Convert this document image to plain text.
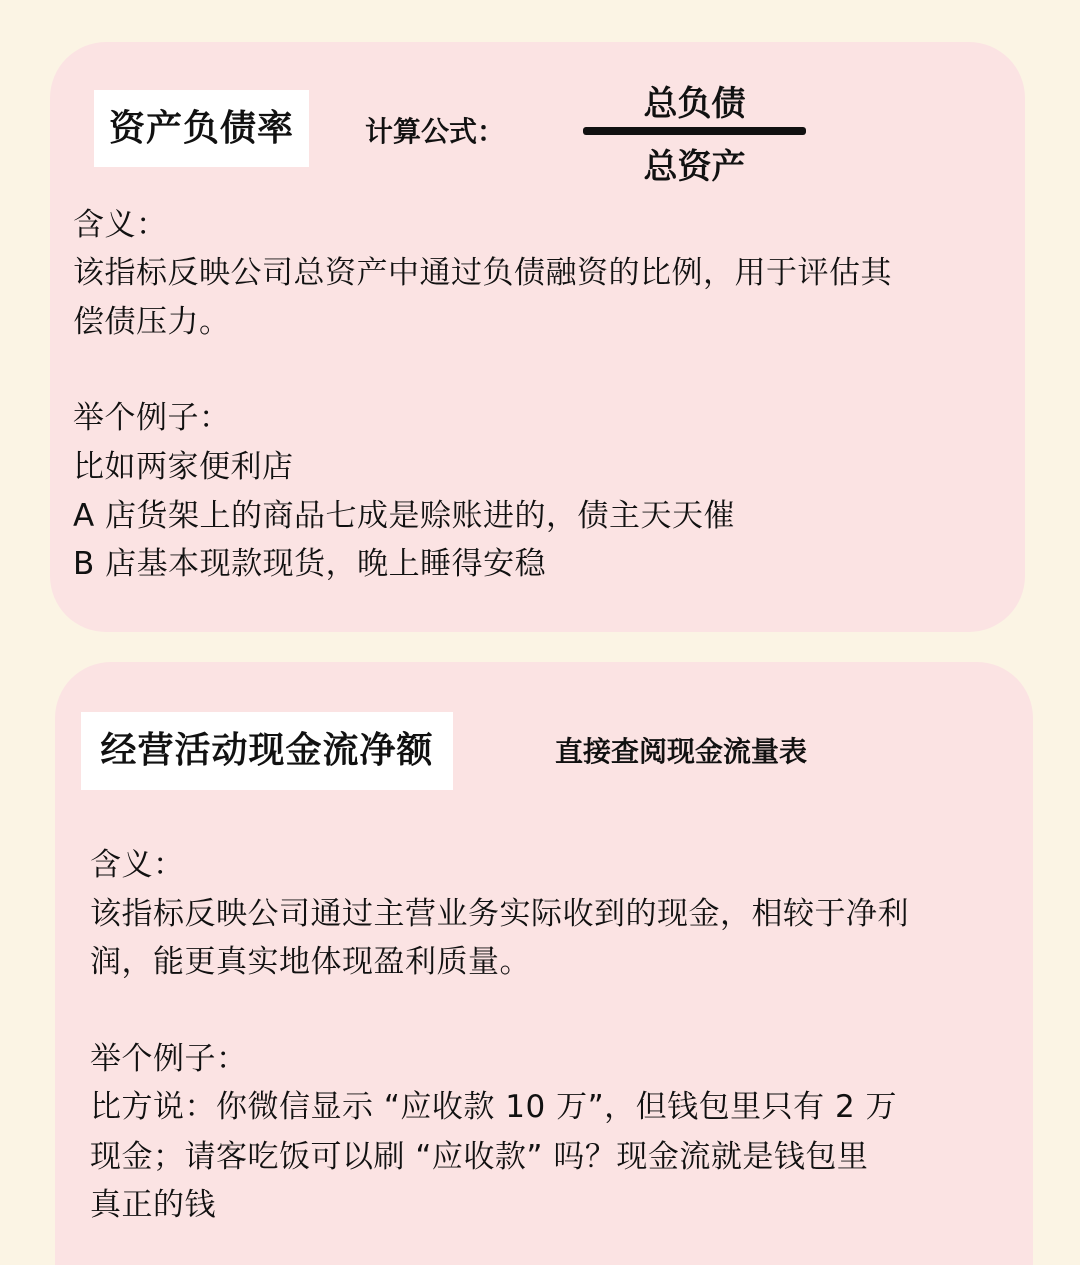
资产负债率	计算公式：
总负债
总资产
含义：
该指标反映公司总资产中通过负债融资的比例，用于评估其
偿债压力。
举个例子：
比如两家便利店
A 店货架上的商品七成是赊账进的，债主天天催
B 店基本现款现货，晚上睡得安稳
经营活动现金流净额	直接查阅现金流量表
含义：
该指标反映公司通过主营业务实际收到的现金，相较于净利
润，能更真实地体现盈利质量。
举个例子：
比方说：你微信显示 “应收款 10 万”，但钱包里只有 2 万
现金；请客吃饭可以刷 “应收款” 吗？现金流就是钱包里
真正的钱
